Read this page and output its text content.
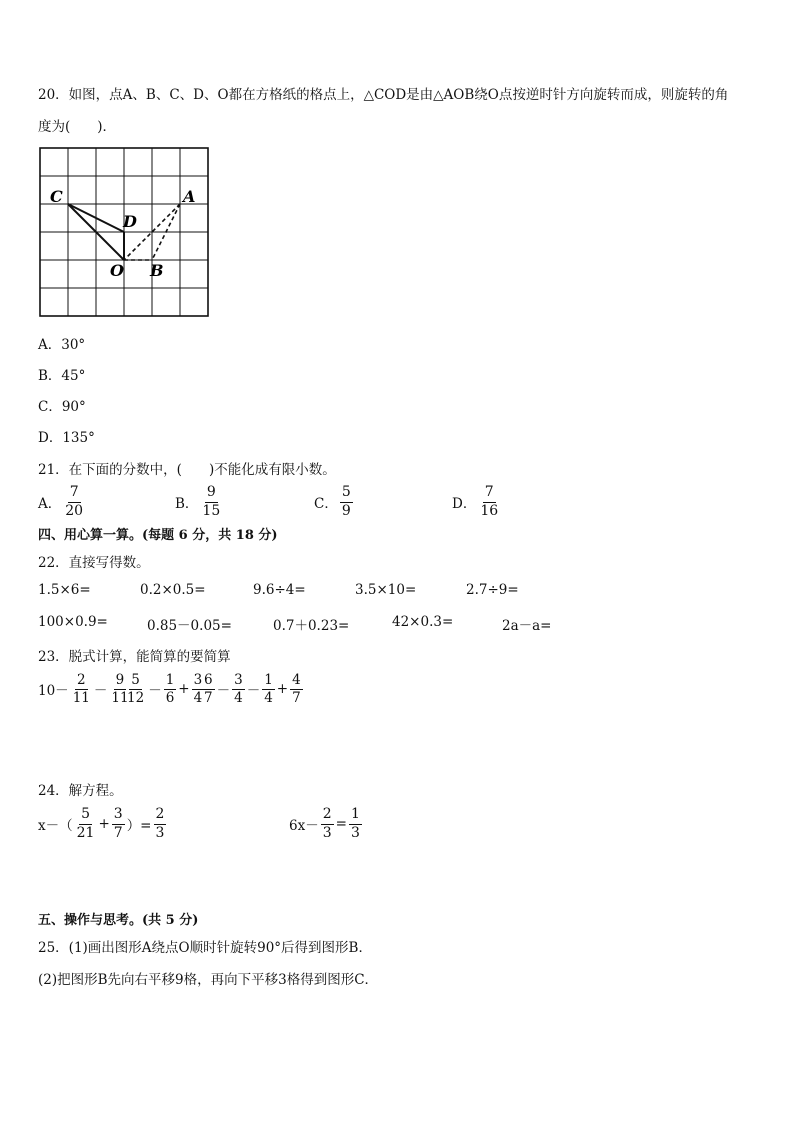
20．如图，点A、B、C、D、O都在方格纸的格点上，△COD是由△AOB绕O点按逆时针方向旋转而成，则旋转的角
度为(　　)．
C
D
A
O B
A．30°
B．45°
C．90°
D．135°
21．在下面的分数中，(　　)不能化成有限小数。
A． $\frac{7}{20}$	B． $\frac{9}{15}$	C． $\frac{5}{9}$	D． $\frac{7}{16}$
四、用心算一算。(每题 6 分，共 18 分)
22．直接写得数。
1.5×6=	0.2×0.5=	9.6÷4=	3.5×10=	2.7÷9=
100×0.9=	0.85－0.05=	0.7＋0.23=	42×0.3=	2a－a=
23．脱式计算，能简算的要简算
$10- \frac{2}{11} - \frac{9}{11}$
$\frac{5}{12} - \frac{1}{6} + \frac{3}{4}$
$\frac{6}{7} - \frac{3}{4} - \frac{1}{4} + \frac{4}{7}$
24．解方程。
$x-( \frac{5}{21} + \frac{3}{7}$ ）= $\frac{2}{3}$	$6x- \frac{2}{3} = \frac{1}{3}$
五、操作与思考。(共 5 分)
25．(1)画出图形A绕点O顺时针旋转90°后得到图形B．
(2)把图形B先向右平移9格，再向下平移3格得到图形C．
